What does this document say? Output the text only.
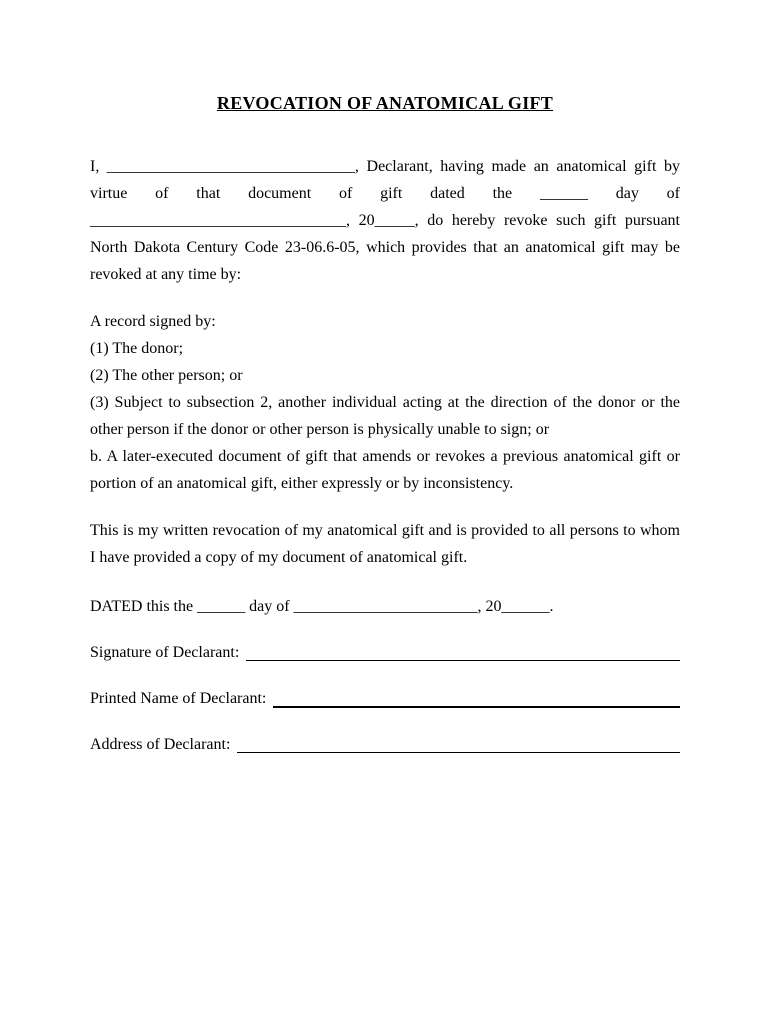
REVOCATION OF ANATOMICAL GIFT

I, _______________________________, Declarant, having made an anatomical gift by virtue of that document of gift dated the ______ day of ________________________________, 20_____, do hereby revoke such gift pursuant North Dakota Century Code 23-06.6-05, which provides that an anatomical gift may be revoked at any time by:

A record signed by:

(1) The donor;

(2) The other person; or

(3) Subject to subsection 2, another individual acting at the direction of the donor or the other person if the donor or other person is physically unable to sign; or

b. A later-executed document of gift that amends or revokes a previous anatomical gift or portion of an anatomical gift, either expressly or by inconsistency.

This is my written revocation of my anatomical gift and is provided to all persons to whom I have provided a copy of my document of anatomical gift.

DATED this the ______ day of _______________________, 20______.

Signature of Declarant:
Printed Name of Declarant:
Address of Declarant:
